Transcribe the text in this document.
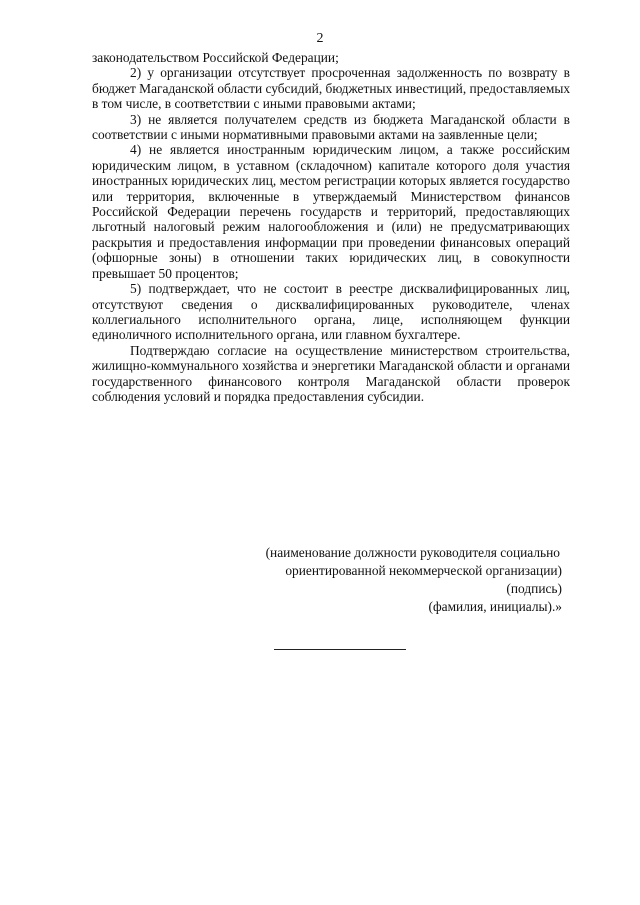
2

законодательством Российской Федерации;

2) у организации отсутствует просроченная задолженность по возврату в бюджет Магаданской области субсидий, бюджетных инвестиций, предоставляемых в том числе, в соответствии с иными правовыми актами;

3) не является получателем средств из бюджета Магаданской области в соответствии с иными нормативными правовыми актами на заявленные цели;

4) не является иностранным юридическим лицом, а также российским юридическим лицом, в уставном (складочном) капитале которого доля участия иностранных юридических лиц, местом регистрации которых является государство или территория, включенные в утверждаемый Министерством финансов Российской Федерации перечень государств и территорий, предоставляющих льготный налоговый режим налогообложения и (или) не предусматривающих раскрытия и предоставления информации при проведении финансовых операций (офшорные зоны) в отношении таких юридических лиц, в совокупности превышает 50 процентов;

5) подтверждает, что не состоит в реестре дисквалифицированных лиц, отсутствуют сведения о дисквалифицированных руководителе, членах коллегиального исполнительного органа, лице, исполняющем функции единоличного исполнительного органа, или главном бухгалтере.

Подтверждаю согласие на осуществление министерством строительства, жилищно-коммунального хозяйства и энергетики Магаданской области и органами государственного финансового контроля Магаданской области проверок соблюдения условий и порядка предоставления субсидии.

(наименование должности руководителя социально
ориентированной некоммерческой организации)
(подпись)
(фамилия, инициалы).»
